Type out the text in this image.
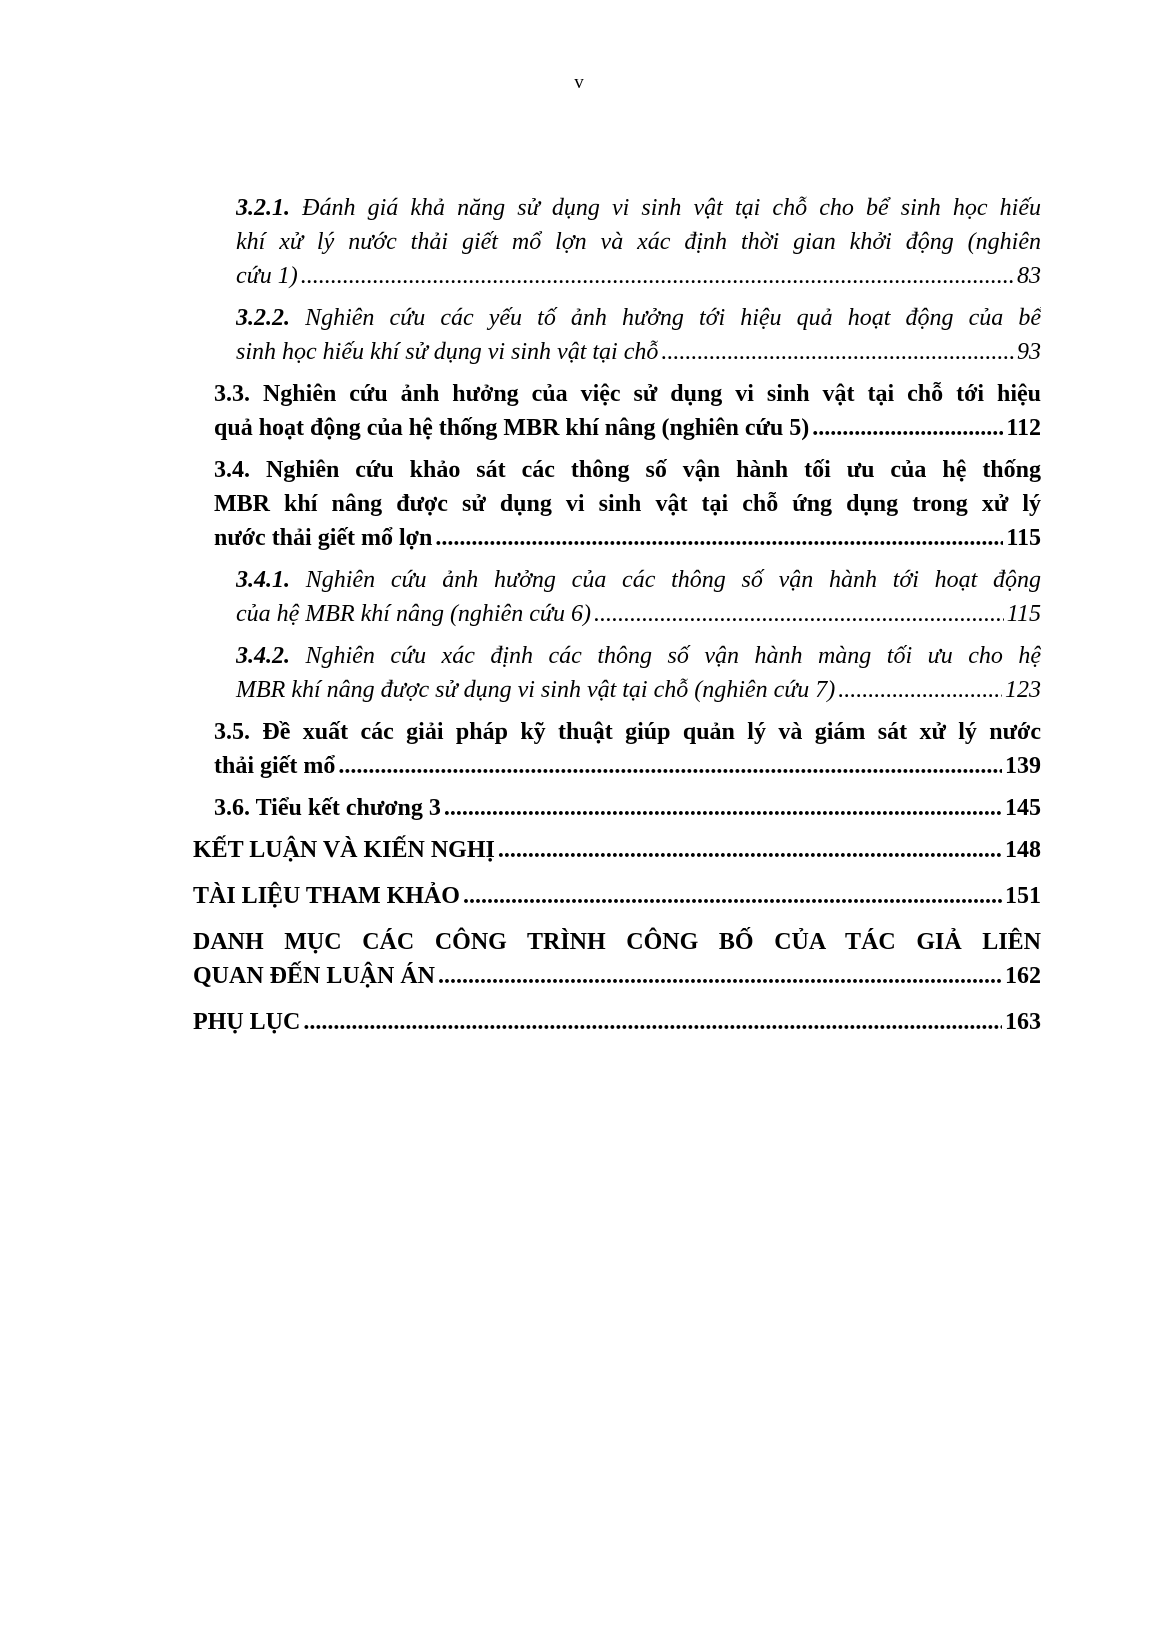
v
3.2.1. Đánh giá khả năng sử dụng vi sinh vật tại chỗ cho bể sinh học hiếu
khí xử lý nước thải giết mổ lợn và xác định thời gian khởi động (nghiên
cứu 1) .....	83
3.2.2. Nghiên cứu các yếu tố ảnh hưởng tới hiệu quả hoạt động của bể
sinh học hiếu khí sử dụng vi sinh vật tại chỗ .....	93
3.3. Nghiên cứu ảnh hưởng của việc sử dụng vi sinh vật tại chỗ tới hiệu
quả hoạt động của hệ thống MBR khí nâng (nghiên cứu 5) .....	112
3.4. Nghiên cứu khảo sát các thông số vận hành tối ưu của hệ thống
MBR khí nâng được sử dụng vi sinh vật tại chỗ ứng dụng trong xử lý
nước thải giết mổ lợn .....	115
3.4.1. Nghiên cứu ảnh hưởng của các thông số vận hành tới hoạt động
của hệ MBR khí nâng (nghiên cứu 6) .....	115
3.4.2. Nghiên cứu xác định các thông số vận hành màng tối ưu cho hệ
MBR khí nâng được sử dụng vi sinh vật tại chỗ (nghiên cứu 7) .....	123
3.5. Đề xuất các giải pháp kỹ thuật giúp quản lý và giám sát xử lý nước
thải giết mổ .....	139
3.6. Tiểu kết chương 3 .....	145
KẾT LUẬN VÀ KIẾN NGHỊ .....	148
TÀI LIỆU THAM KHẢO .....	151
DANH MỤC CÁC CÔNG TRÌNH CÔNG BỐ CỦA TÁC GIẢ LIÊN
QUAN ĐẾN LUẬN ÁN .....	162
PHỤ LỤC .....	163
